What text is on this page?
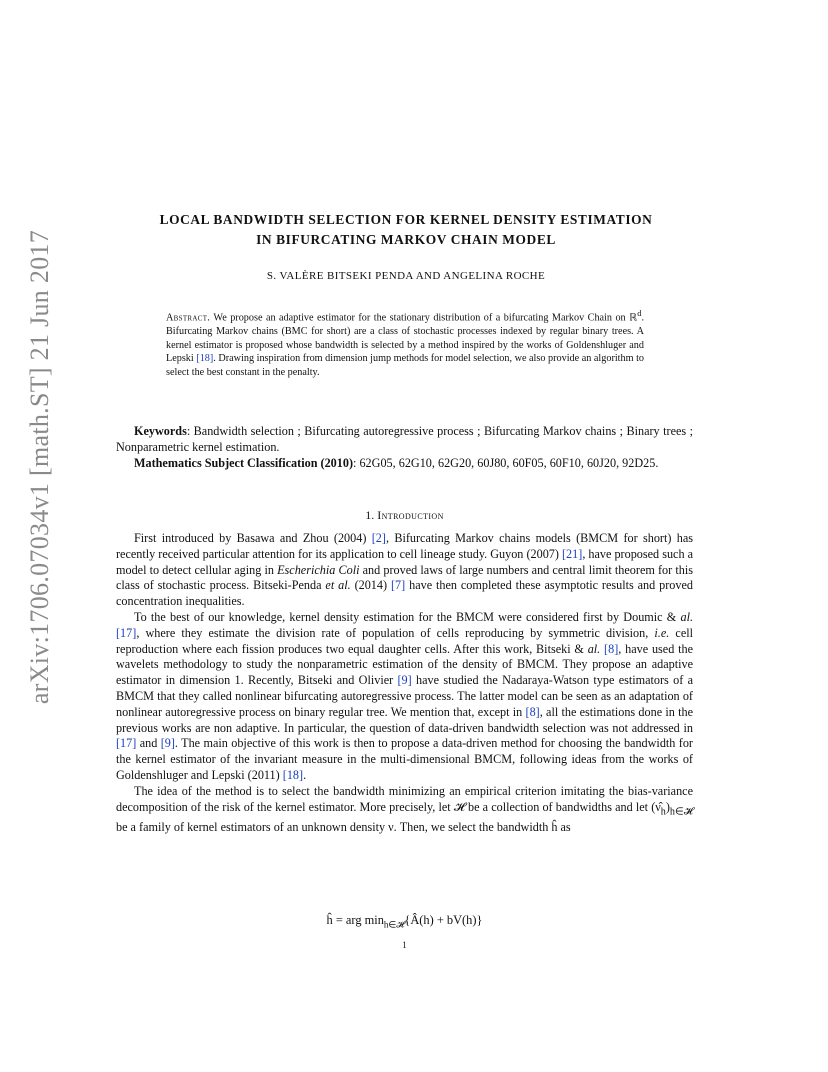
arXiv:1706.07034v1 [math.ST] 21 Jun 2017
LOCAL BANDWIDTH SELECTION FOR KERNEL DENSITY ESTIMATION
IN BIFURCATING MARKOV CHAIN MODEL
S. VALÈRE BITSEKI PENDA AND ANGELINA ROCHE
Abstract. We propose an adaptive estimator for the stationary distribution of a bifurcating Markov Chain on ℝ$^d$. Bifurcating Markov chains (BMC for short) are a class of stochastic processes indexed by regular binary trees. A kernel estimator is proposed whose bandwidth is selected by a method inspired by the works of Goldenshluger and Lepski [18]. Drawing inspiration from dimension jump methods for model selection, we also provide an algorithm to select the best constant in the penalty.

Keywords: Bandwidth selection ; Bifurcating autoregressive process ; Bifurcating Markov chains ; Binary trees ; Nonparametric kernel estimation.

Mathematics Subject Classification (2010): 62G05, 62G10, 62G20, 60J80, 60F05, 60F10, 60J20, 92D25.

1. Introduction

First introduced by Basawa and Zhou (2004) [2], Bifurcating Markov chains models (BMCM for short) has recently received particular attention for its application to cell lineage study. Guyon (2007) [21], have proposed such a model to detect cellular aging in Escherichia Coli and proved laws of large numbers and central limit theorem for this class of stochastic process. Bitseki-Penda et al. (2014) [7] have then completed these asymptotic results and proved concentration inequalities.

To the best of our knowledge, kernel density estimation for the BMCM were considered first by Doumic & al. [17], where they estimate the division rate of population of cells reproducing by symmetric division, i.e. cell reproduction where each fission produces two equal daughter cells. After this work, Bitseki & al. [8], have used the wavelets methodology to study the nonparametric estimation of the density of BMCM. They propose an adaptive estimator in dimension 1. Recently, Bitseki and Olivier [9] have studied the Nadaraya-Watson type estimators of a BMCM that they called nonlinear bifurcating autoregressive process. The latter model can be seen as an adaptation of nonlinear autoregressive process on binary regular tree. We mention that, except in [8], all the estimations done in the previous works are non adaptive. In particular, the question of data-driven bandwidth selection was not addressed in [17] and [9]. The main objective of this work is then to propose a data-driven method for choosing the bandwidth for the kernel estimator of the invariant measure in the multi-dimensional BMCM, following ideas from the works of Goldenshluger and Lepski (2011) [18].

The idea of the method is to select the bandwidth minimizing an empirical criterion imitating the bias-variance decomposition of the risk of the kernel estimator. More precisely, let 𝓗 be a collection of bandwidths and let $(\nû_h)_{h\in 𝓗}$ be a family of kernel estimators of an unknown density ν. Then, we select the bandwidth ĥ as

ĥ = arg $\min_{h\in 𝓗}\{Â(h) + bV(h)\}$
1
